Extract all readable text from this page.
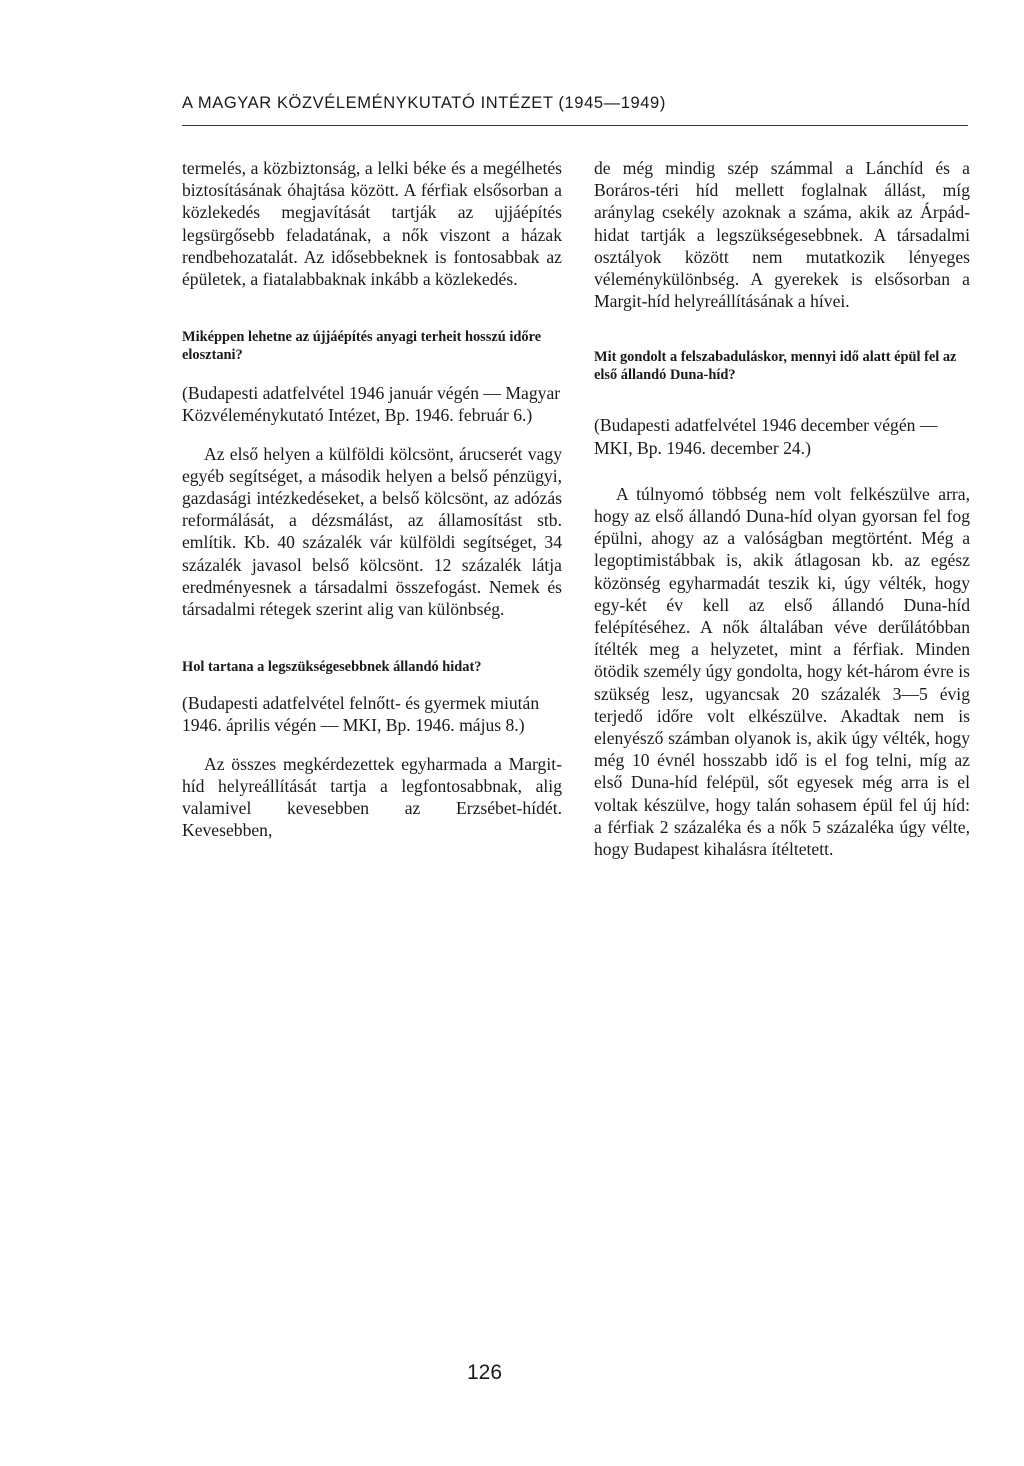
A MAGYAR KÖZVÉLEMÉNYKUTATÓ INTÉZET (1945—1949)

termelés, a közbiztonság, a lelki béke és a megélhetés biztosításának óhajtása között. A férfiak elsősorban a közlekedés megjavítását tartják az ujjáépítés legsürgősebb feladatának, a nők viszont a házak rendbehozatalát. Az idősebbeknek is fontosabbak az épületek, a fiatalabbaknak inkább a közlekedés.

Miképpen lehetne az újjáépítés anyagi terheit hosszú időre elosztani?

(Budapesti adatfelvétel 1946 január végén — Magyar Közvéleménykutató Intézet, Bp. 1946. február 6.)

Az első helyen a külföldi kölcsönt, árucserét vagy egyéb segítséget, a második helyen a belső pénzügyi, gazdasági intézkedéseket, a belső kölcsönt, az adózás reformálását, a dézsmálást, az államosítást stb. említik. Kb. 40 százalék vár külföldi segítséget, 34 százalék javasol belső kölcsönt. 12 százalék látja eredményesnek a társadalmi összefogást. Nemek és társadalmi rétegek szerint alig van különbség.

Hol tartana a legszükségesebbnek állandó hidat?

(Budapesti adatfelvétel felnőtt- és gyermek miután 1946. április végén — MKI, Bp. 1946. május 8.)

Az összes megkérdezettek egyharmada a Margit-híd helyreállítását tartja a legfontosabbnak, alig valamivel kevesebben az Erzsébet-hídét. Kevesebben,

de még mindig szép számmal a Lánchíd és a Boráros-téri híd mellett foglalnak állást, míg aránylag csekély azoknak a száma, akik az Árpád-hidat tartják a legszükségesebbnek. A társadalmi osztályok között nem mutatkozik lényeges véleménykülönbség. A gyerekek is elsősorban a Margit-híd helyreállításának a hívei.

Mit gondolt a felszabaduláskor, mennyi idő alatt épül fel az első állandó Duna-híd?

(Budapesti adatfelvétel 1946 december végén — MKI, Bp. 1946. december 24.)

A túlnyomó többség nem volt felkészülve arra, hogy az első állandó Duna-híd olyan gyorsan fel fog épülni, ahogy az a valóságban megtörtént. Még a legoptimistábbak is, akik átlagosan kb. az egész közönség egyharmadát teszik ki, úgy vélték, hogy egy-két év kell az első állandó Duna-híd felépítéséhez. A nők általában véve derűlátóbban ítélték meg a helyzetet, mint a férfiak. Minden ötödik személy úgy gondolta, hogy két-három évre is szükség lesz, ugyancsak 20 százalék 3—5 évig terjedő időre volt elkészülve. Akadtak nem is elenyésző számban olyanok is, akik úgy vélték, hogy még 10 évnél hosszabb idő is el fog telni, míg az első Duna-híd felépül, sőt egyesek még arra is el voltak készülve, hogy talán sohasem épül fel új híd: a férfiak 2 százaléka és a nők 5 százaléka úgy vélte, hogy Budapest kihalásra ítéltetett.

126
